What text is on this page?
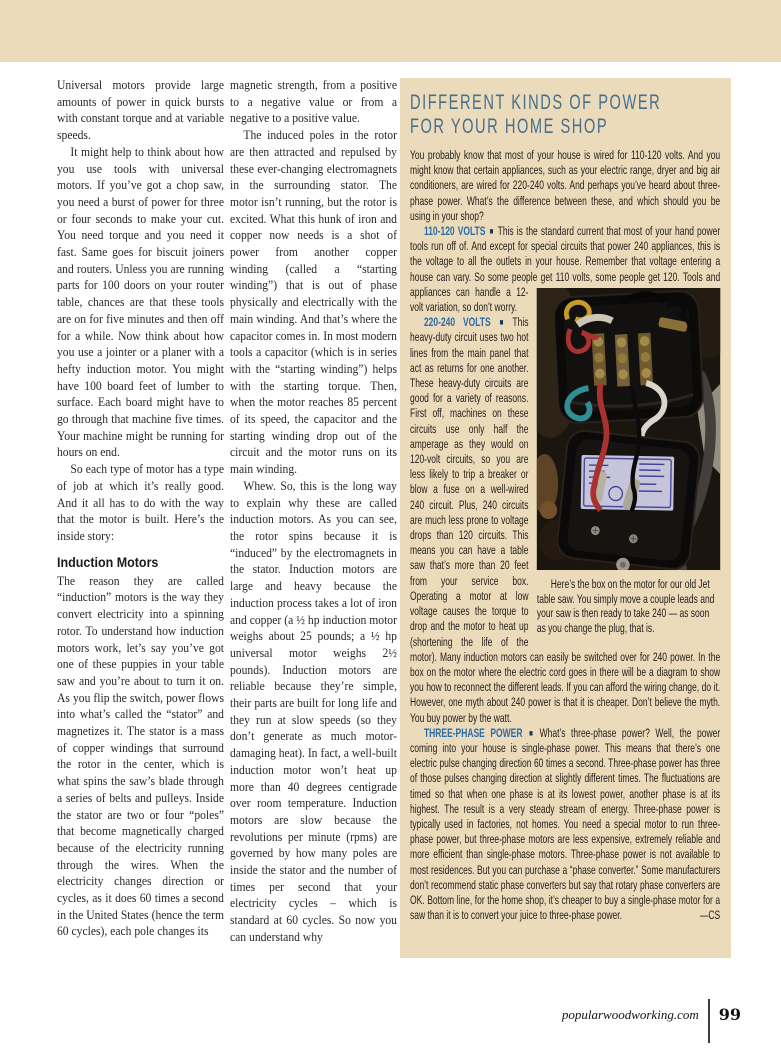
Universal motors provide large amounts of power in quick bursts with constant torque and at variable speeds.

It might help to think about how you use tools with universal motors. If you’ve got a chop saw, you need a burst of power for three or four seconds to make your cut. You need torque and you need it fast. Same goes for biscuit joiners and routers. Unless you are running parts for 100 doors on your router table, chances are that these tools are on for five minutes and then off for a while. Now think about how you use a jointer or a planer with a hefty induction motor. You might have 100 board feet of lumber to surface. Each board might have to go through that machine five times. Your machine might be running for hours on end.

So each type of motor has a type of job at which it’s really good. And it all has to do with the way that the motor is built. Here’s the inside story:

Induction Motors

The reason they are called “induction” motors is the way they convert electricity into a spinning rotor. To understand how induction motors work, let’s say you’ve got one of these puppies in your table saw and you’re about to turn it on. As you flip the switch, power flows into what’s called the “stator” and magnetizes it. The stator is a mass of copper windings that surround the rotor in the center, which is what spins the saw’s blade through a series of belts and pulleys. Inside the stator are two or four “poles” that become magnetically charged because of the electricity running through the wires. When the electricity changes direction or cycles, as it does 60 times a second in the United States (hence the term 60 cycles), each pole changes its

magnetic strength, from a positive to a negative value or from a negative to a positive value.

The induced poles in the rotor are then attracted and repulsed by these ever-changing electromagnets in the surrounding stator. The motor isn’t running, but the rotor is excited. What this hunk of iron and copper now needs is a shot of power from another copper winding (called a “starting winding”) that is out of phase physically and electrically with the main winding. And that’s where the capacitor comes in. In most modern tools a capacitor (which is in series with the “starting winding”) helps with the starting torque. Then, when the motor reaches 85 percent of its speed, the capacitor and the starting winding drop out of the circuit and the motor runs on its main winding.

Whew. So, this is the long way to explain why these are called induction motors. As you can see, the rotor spins because it is “induced” by the electromagnets in the stator. Induction motors are large and heavy because the induction process takes a lot of iron and copper (a ½ hp induction motor weighs about 25 pounds; a ½ hp universal motor weighs 2½ pounds). Induction motors are reliable because they’re simple, their parts are built for long life and they run at slow speeds (so they don’t generate as much motor-damaging heat). In fact, a well-built induction motor won’t heat up more than 40 degrees centigrade over room temperature. Induction motors are slow because the revolutions per minute (rpms) are governed by how many poles are inside the stator and the number of times per second that your electricity cycles – which is standard at 60 cycles. So now you can understand why

DIFFERENT KINDS OF POWER
FOR YOUR HOME SHOP

You probably know that most of your house is wired for 110-120 volts. And you might know that certain appliances, such as your electric range, dryer and big air conditioners, are wired for 220-240 volts. And perhaps you’ve heard about three-phase power. What’s the difference between these, and which should you be using in your shop?

110-120 VOLTS ■ This is the standard current that most of your hand power tools run off of. And except for special circuits that power 240 appliances, this is the voltage to all the outlets in your house. Remember that voltage entering a house can vary. So some people get 110 volts, some people get 120.
Here’s the box on the motor for our old Jet table saw. You simply move a couple leads and your saw is then ready to take 240 — as soon as you change the plug, that is.
Tools and appliances can handle a 12-volt variation, so don’t worry.

220-240 VOLTS ■ This heavy-duty circuit uses two hot lines from the main panel that act as returns for one another. These heavy-duty circuits are good for a variety of reasons. First off, machines on these circuits use only half the amperage as they would on 120-volt circuits, so you are less likely to trip a breaker or blow a fuse on a well-wired 240 circuit. Plus, 240 circuits are much less prone to voltage drops than 120 circuits. This means you can have a table saw that’s more than 20 feet from your service box. Operating a motor at low voltage causes the torque to drop and the motor to heat up (shortening the life of the motor). Many induction motors can easily be switched over for 240 power. In the box on the motor where the electric cord goes in there will be a diagram to show you how to reconnect the different leads. If you can afford the wiring change, do it. However, one myth about 240 power is that it is cheaper. Don’t believe the myth. You buy power by the watt.

THREE-PHASE POWER ■ What’s three-phase power? Well, the power coming into your house is single-phase power. This means that there’s one electric pulse changing direction 60 times a second. Three-phase power has three of those pulses changing direction at slightly different times. The fluctuations are timed so that when one phase is at its lowest power, another phase is at its highest. The result is a very steady stream of energy. Three-phase power is typically used in factories, not homes. You need a special motor to run three-phase power, but three-phase motors are less expensive, extremely reliable and more efficient than single-phase motors. Three-phase power is not available to most residences. But you can purchase a “phase converter.” Some manufacturers don’t recommend static phase converters but say that rotary phase converters are OK. Bottom line, for the home shop, it’s cheaper to buy a single-phase motor for a saw than it is to convert your juice to three-phase power.	—CS

popularwoodworking.com 99
